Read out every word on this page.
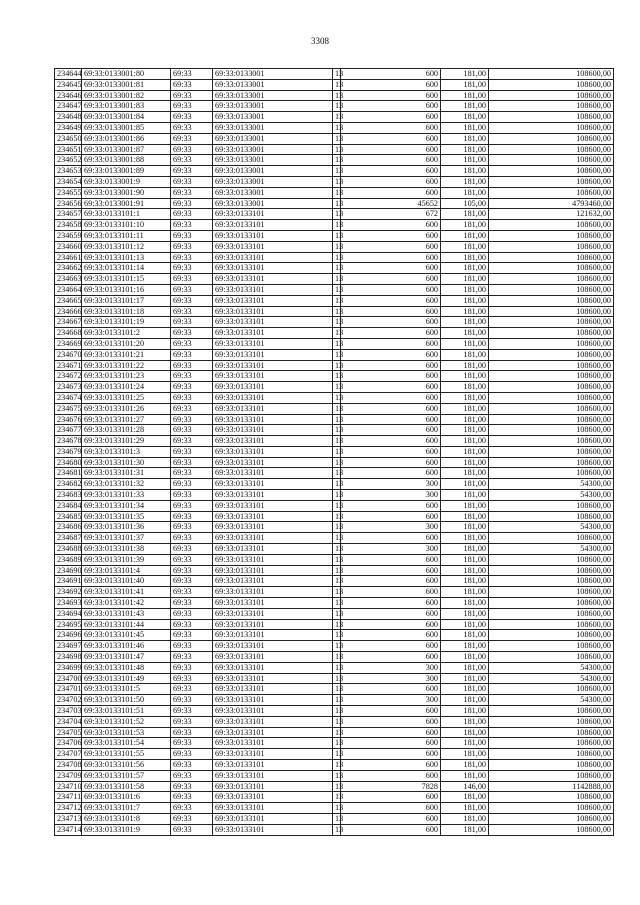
3308
234644	69:33:0133001:80	69:33	69:33:0133001	13	600	181,00	108600,00
234645	69:33:0133001:81	69:33	69:33:0133001	13	600	181,00	108600,00
234646	69:33:0133001:82	69:33	69:33:0133001	13	600	181,00	108600,00
234647	69:33:0133001:83	69:33	69:33:0133001	13	600	181,00	108600,00
234648	69:33:0133001:84	69:33	69:33:0133001	13	600	181,00	108600,00
234649	69:33:0133001:85	69:33	69:33:0133001	13	600	181,00	108600,00
234650	69:33:0133001:86	69:33	69:33:0133001	13	600	181,00	108600,00
234651	69:33:0133001:87	69:33	69:33:0133001	13	600	181,00	108600,00
234652	69:33:0133001:88	69:33	69:33:0133001	13	600	181,00	108600,00
234653	69:33:0133001:89	69:33	69:33:0133001	13	600	181,00	108600,00
234654	69:33:0133001:9	69:33	69:33:0133001	13	600	181,00	108600,00
234655	69:33:0133001:90	69:33	69:33:0133001	13	600	181,00	108600,00
234656	69:33:0133001:91	69:33	69:33:0133001	13	45652	105,00	4793460,00
234657	69:33:0133101:1	69:33	69:33:0133101	13	672	181,00	121632,00
234658	69:33:0133101:10	69:33	69:33:0133101	13	600	181,00	108600,00
234659	69:33:0133101:11	69:33	69:33:0133101	13	600	181,00	108600,00
234660	69:33:0133101:12	69:33	69:33:0133101	13	600	181,00	108600,00
234661	69:33:0133101:13	69:33	69:33:0133101	13	600	181,00	108600,00
234662	69:33:0133101:14	69:33	69:33:0133101	13	600	181,00	108600,00
234663	69:33:0133101:15	69:33	69:33:0133101	13	600	181,00	108600,00
234664	69:33:0133101:16	69:33	69:33:0133101	13	600	181,00	108600,00
234665	69:33:0133101:17	69:33	69:33:0133101	13	600	181,00	108600,00
234666	69:33:0133101:18	69:33	69:33:0133101	13	600	181,00	108600,00
234667	69:33:0133101:19	69:33	69:33:0133101	13	600	181,00	108600,00
234668	69:33:0133101:2	69:33	69:33:0133101	13	600	181,00	108600,00
234669	69:33:0133101:20	69:33	69:33:0133101	13	600	181,00	108600,00
234670	69:33:0133101:21	69:33	69:33:0133101	13	600	181,00	108600,00
234671	69:33:0133101:22	69:33	69:33:0133101	13	600	181,00	108600,00
234672	69:33:0133101:23	69:33	69:33:0133101	13	600	181,00	108600,00
234673	69:33:0133101:24	69:33	69:33:0133101	13	600	181,00	108600,00
234674	69:33:0133101:25	69:33	69:33:0133101	13	600	181,00	108600,00
234675	69:33:0133101:26	69:33	69:33:0133101	13	600	181,00	108600,00
234676	69:33:0133101:27	69:33	69:33:0133101	13	600	181,00	108600,00
234677	69:33:0133101:28	69:33	69:33:0133101	13	600	181,00	108600,00
234678	69:33:0133101:29	69:33	69:33:0133101	13	600	181,00	108600,00
234679	69:33:0133101:3	69:33	69:33:0133101	13	600	181,00	108600,00
234680	69:33:0133101:30	69:33	69:33:0133101	13	600	181,00	108600,00
234681	69:33:0133101:31	69:33	69:33:0133101	13	600	181,00	108600,00
234682	69:33:0133101:32	69:33	69:33:0133101	13	300	181,00	54300,00
234683	69:33:0133101:33	69:33	69:33:0133101	13	300	181,00	54300,00
234684	69:33:0133101:34	69:33	69:33:0133101	13	600	181,00	108600,00
234685	69:33:0133101:35	69:33	69:33:0133101	13	600	181,00	108600,00
234686	69:33:0133101:36	69:33	69:33:0133101	13	300	181,00	54300,00
234687	69:33:0133101:37	69:33	69:33:0133101	13	600	181,00	108600,00
234688	69:33:0133101:38	69:33	69:33:0133101	13	300	181,00	54300,00
234689	69:33:0133101:39	69:33	69:33:0133101	13	600	181,00	108600,00
234690	69:33:0133101:4	69:33	69:33:0133101	13	600	181,00	108600,00
234691	69:33:0133101:40	69:33	69:33:0133101	13	600	181,00	108600,00
234692	69:33:0133101:41	69:33	69:33:0133101	13	600	181,00	108600,00
234693	69:33:0133101:42	69:33	69:33:0133101	13	600	181,00	108600,00
234694	69:33:0133101:43	69:33	69:33:0133101	13	600	181,00	108600,00
234695	69:33:0133101:44	69:33	69:33:0133101	13	600	181,00	108600,00
234696	69:33:0133101:45	69:33	69:33:0133101	13	600	181,00	108600,00
234697	69:33:0133101:46	69:33	69:33:0133101	13	600	181,00	108600,00
234698	69:33:0133101:47	69:33	69:33:0133101	13	600	181,00	108600,00
234699	69:33:0133101:48	69:33	69:33:0133101	13	300	181,00	54300,00
234700	69:33:0133101:49	69:33	69:33:0133101	13	300	181,00	54300,00
234701	69:33:0133101:5	69:33	69:33:0133101	13	600	181,00	108600,00
234702	69:33:0133101:50	69:33	69:33:0133101	13	300	181,00	54300,00
234703	69:33:0133101:51	69:33	69:33:0133101	13	600	181,00	108600,00
234704	69:33:0133101:52	69:33	69:33:0133101	13	600	181,00	108600,00
234705	69:33:0133101:53	69:33	69:33:0133101	13	600	181,00	108600,00
234706	69:33:0133101:54	69:33	69:33:0133101	13	600	181,00	108600,00
234707	69:33:0133101:55	69:33	69:33:0133101	13	600	181,00	108600,00
234708	69:33:0133101:56	69:33	69:33:0133101	13	600	181,00	108600,00
234709	69:33:0133101:57	69:33	69:33:0133101	13	600	181,00	108600,00
234710	69:33:0133101:58	69:33	69:33:0133101	13	7828	146,00	1142888,00
234711	69:33:0133101:6	69:33	69:33:0133101	13	600	181,00	108600,00
234712	69:33:0133101:7	69:33	69:33:0133101	13	600	181,00	108600,00
234713	69:33:0133101:8	69:33	69:33:0133101	13	600	181,00	108600,00
234714	69:33:0133101:9	69:33	69:33:0133101	13	600	181,00	108600,00
